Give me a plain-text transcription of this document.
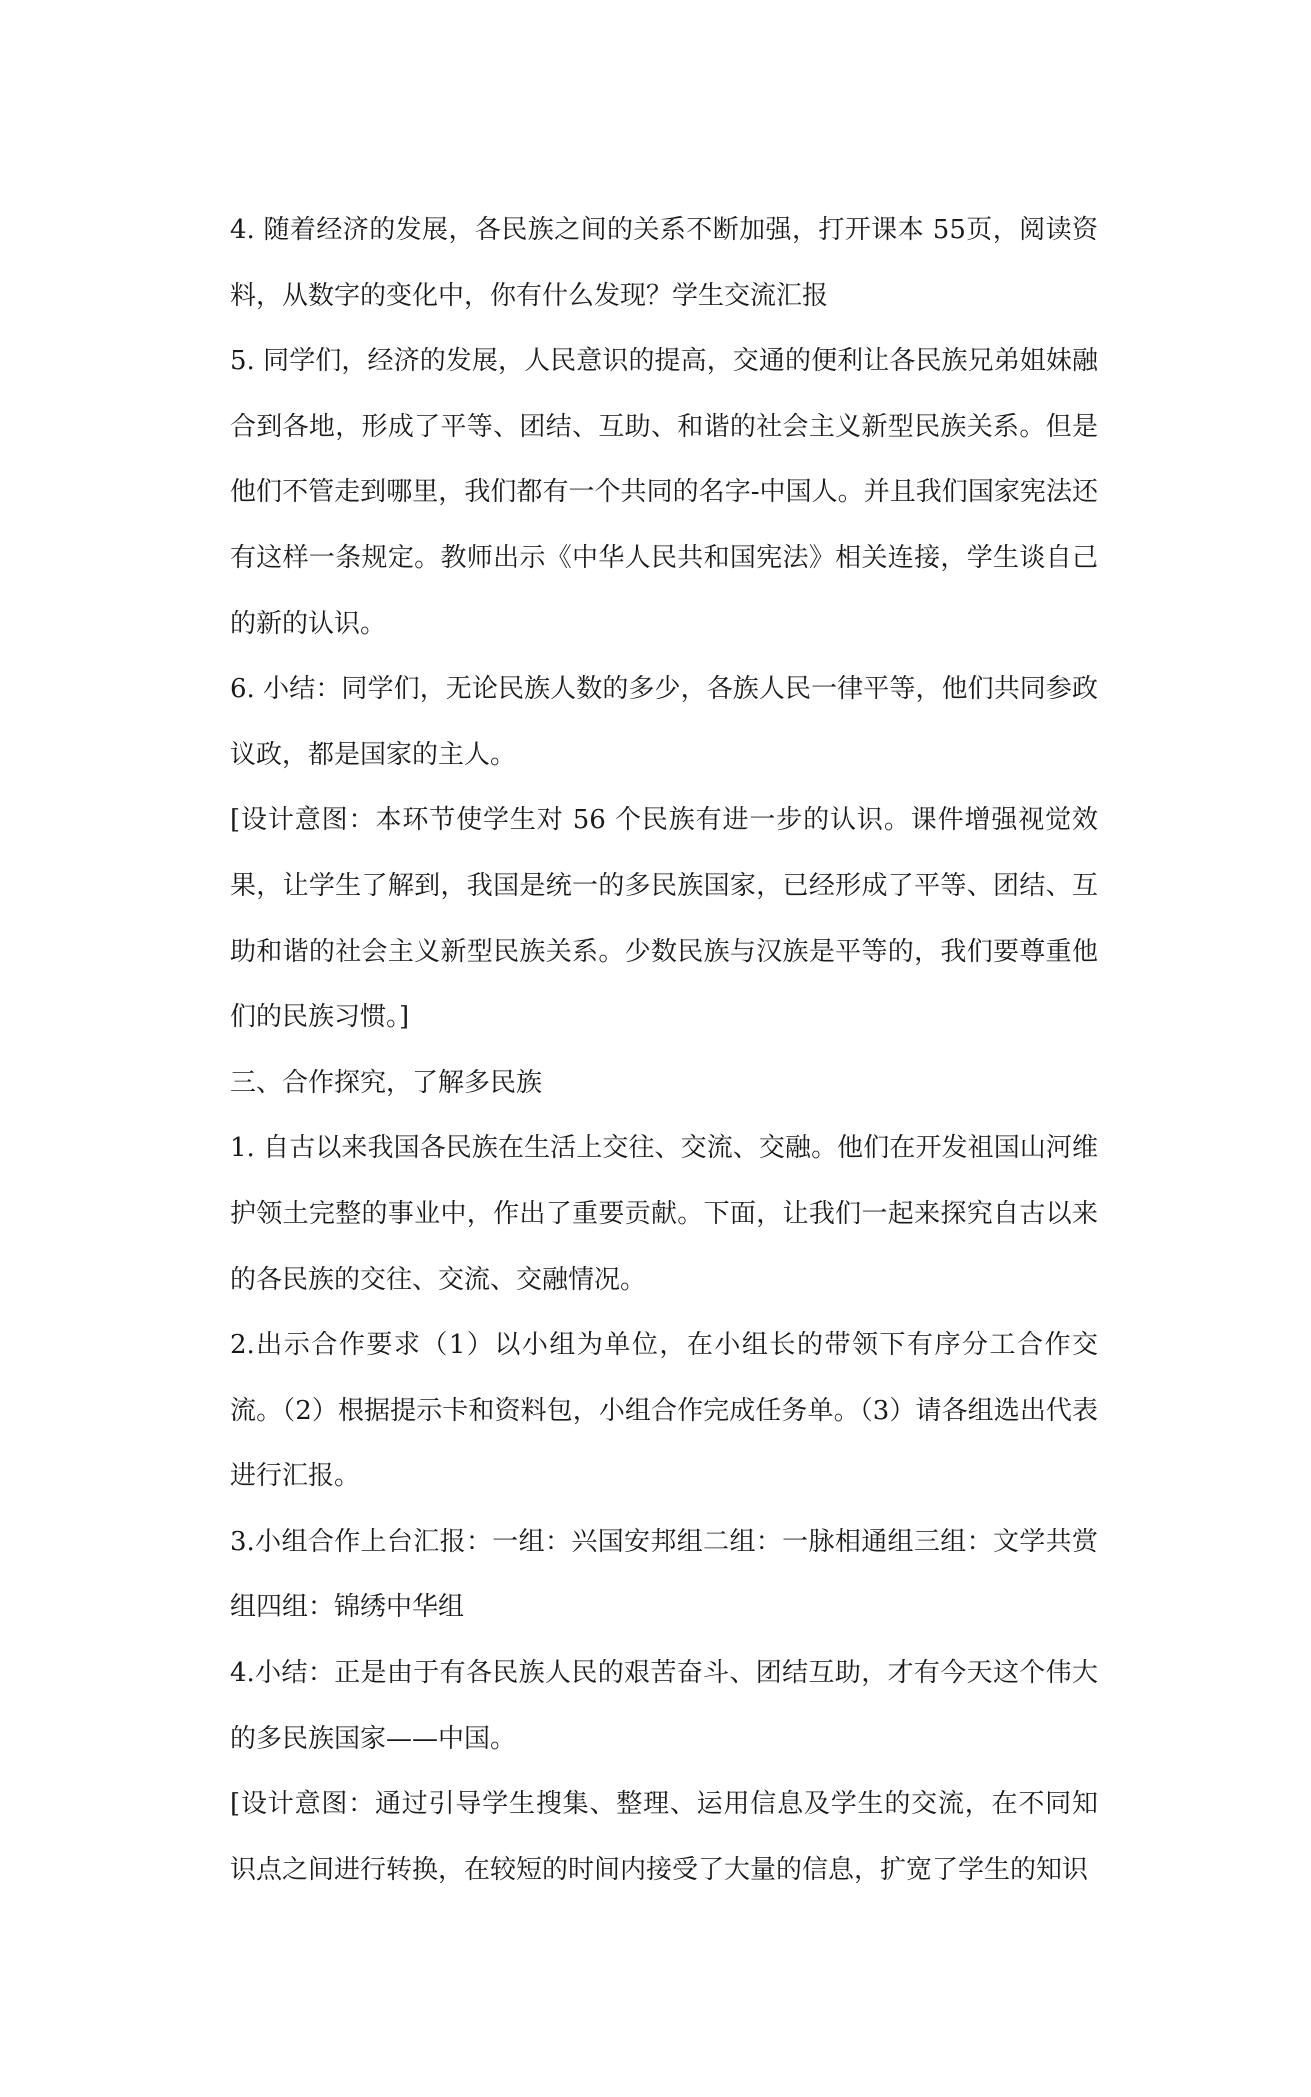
4. 随着经济的发展，各民族之间的关系不断加强，打开课本 55页，阅读资料，从数字的变化中，你有什么发现？学生交流汇报

5. 同学们，经济的发展，人民意识的提高，交通的便利让各民族兄弟姐妹融合到各地，形成了平等、团结、互助、和谐的社会主义新型民族关系。但是他们不管走到哪里，我们都有一个共同的名字-中国人。并且我们国家宪法还有这样一条规定。教师出示《中华人民共和国宪法》相关连接，学生谈自己的新的认识。

6. 小结：同学们，无论民族人数的多少，各族人民一律平等，他们共同参政议政，都是国家的主人。

[设计意图：本环节使学生对 56 个民族有进一步的认识。课件增强视觉效果，让学生了解到，我国是统一的多民族国家，已经形成了平等、团结、互助和谐的社会主义新型民族关系。少数民族与汉族是平等的，我们要尊重他们的民族习惯。]

三、合作探究，了解多民族

1. 自古以来我国各民族在生活上交往、交流、交融。他们在开发祖国山河维护领土完整的事业中，作出了重要贡献。下面，让我们一起来探究自古以来的各民族的交往、交流、交融情况。

2.出示合作要求（1）以小组为单位，在小组长的带领下有序分工合作交流。（2）根据提示卡和资料包，小组合作完成任务单。（3）请各组选出代表进行汇报。

3.小组合作上台汇报：一组：兴国安邦组二组：一脉相通组三组：文学共赏组四组：锦绣中华组

4.小结：正是由于有各民族人民的艰苦奋斗、团结互助，才有今天这个伟大的多民族国家——中国。

[设计意图：通过引导学生搜集、整理、运用信息及学生的交流，在不同知识点之间进行转换，在较短的时间内接受了大量的信息，扩宽了学生的知识
